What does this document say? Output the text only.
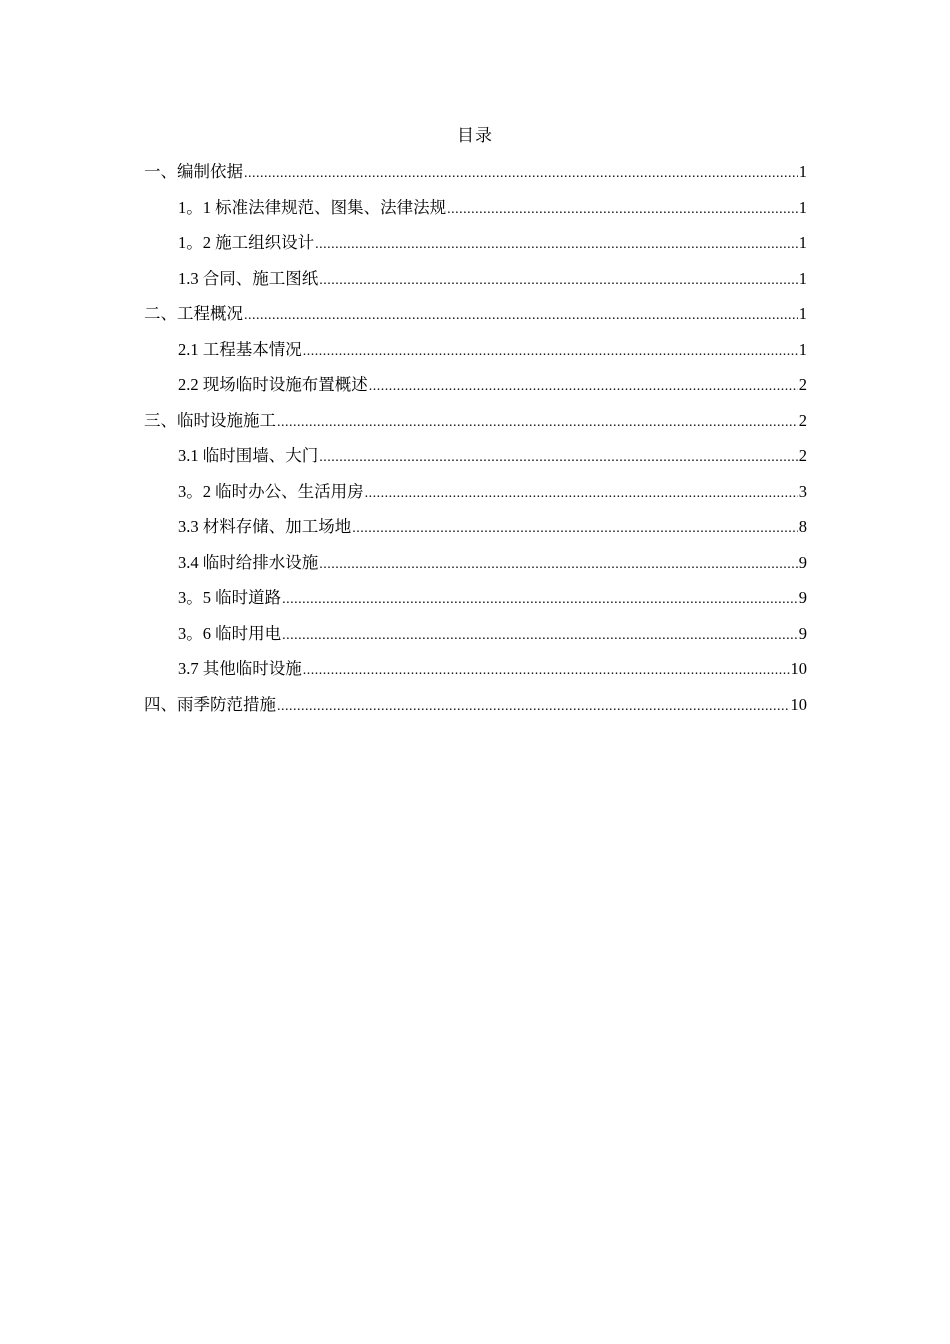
目录
一、编制依据 .....	1
1。1 标准法律规范、图集、法律法规 .....	1
1。2 施工组织设计 .....	1
1.3 合同、施工图纸 .....	1
二、工程概况 .....	1
2.1 工程基本情况 .....	1
2.2 现场临时设施布置概述 .....	2
三、临时设施施工 .....	2
3.1 临时围墙、大门 .....	2
3。2 临时办公、生活用房 .....	3
3.3 材料存储、加工场地 .....	8
3.4 临时给排水设施 .....	9
3。5 临时道路 .....	9
3。6 临时用电 .....	9
3.7 其他临时设施 .....	10
四、雨季防范措施 .....	10
